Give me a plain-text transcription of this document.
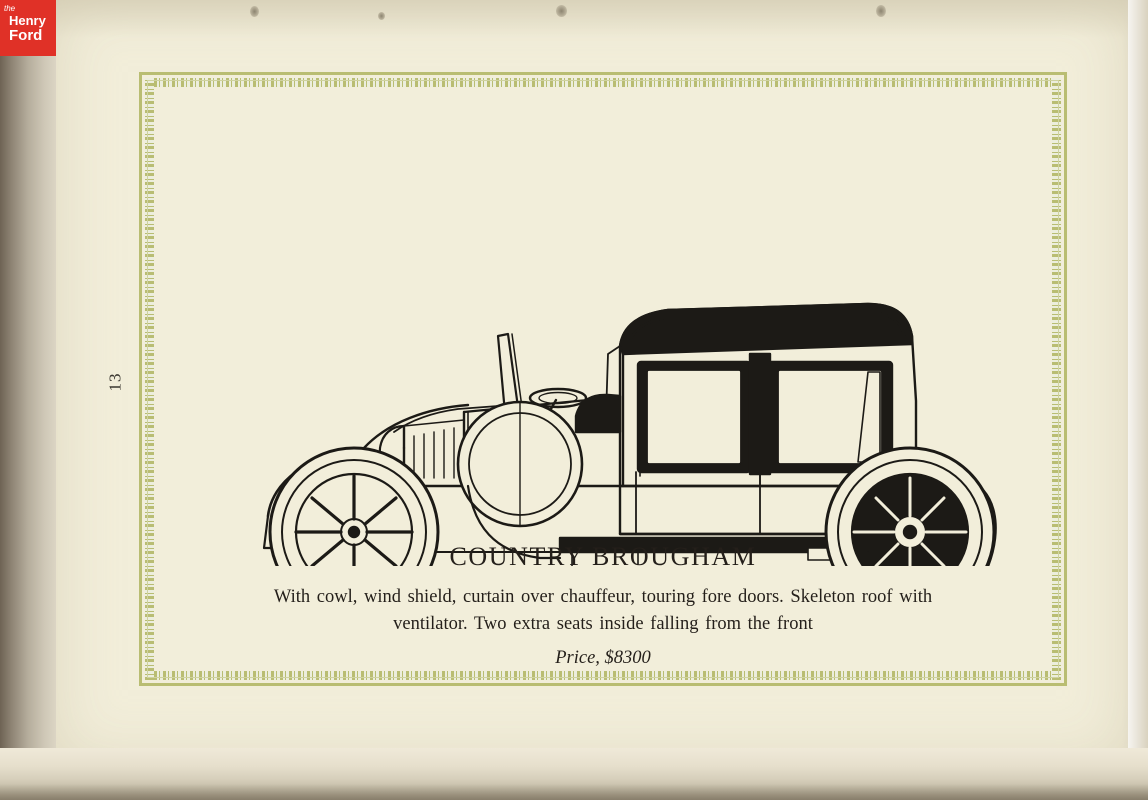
the
Henry
Ford
13
COUNTRY BROUGHAM
With cowl, wind shield, curtain over chauffeur, touring fore doors. Skeleton roof with
ventilator. Two extra seats inside falling from the front
Price, $8300
